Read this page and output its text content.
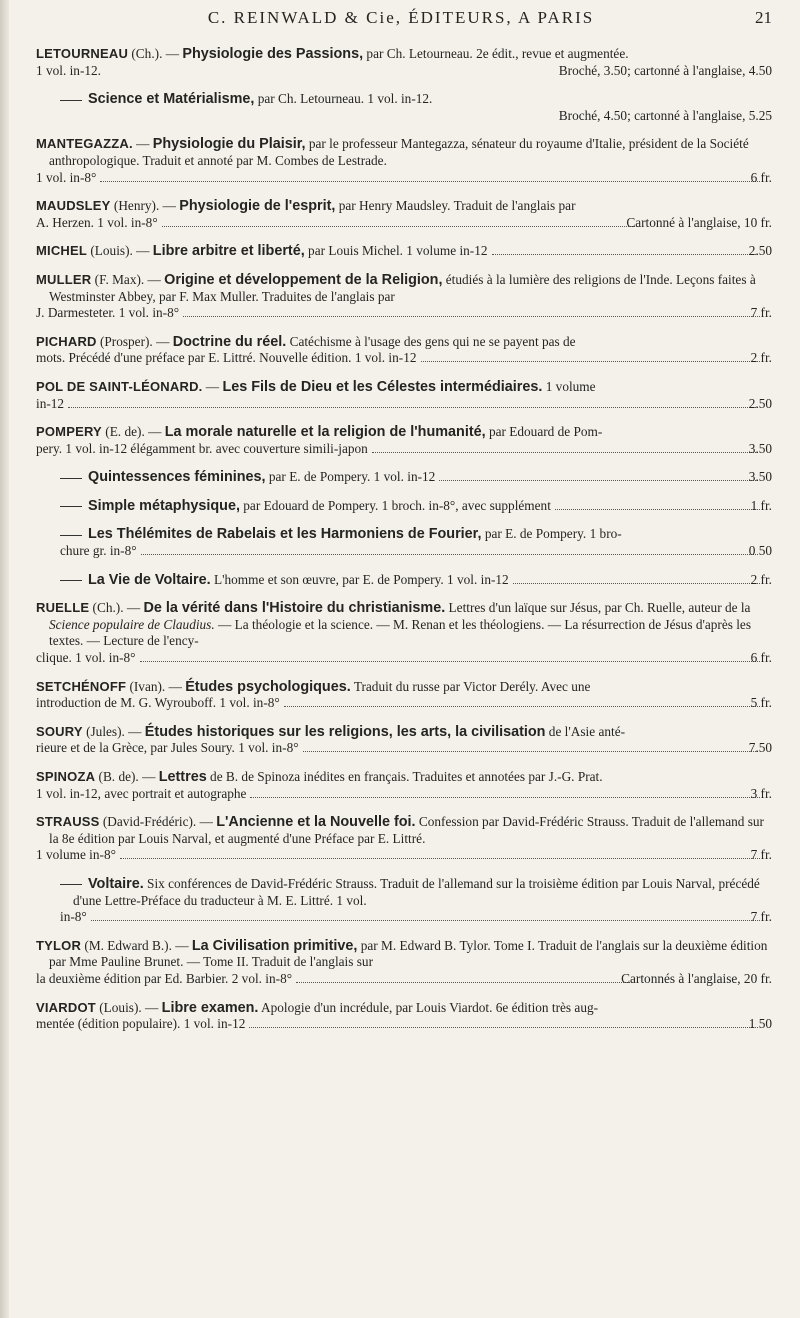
C. REINWALD & Cie, ÉDITEURS, A PARIS	21
LETOURNEAU (Ch.). — Physiologie des Passions, par Ch. Letourneau. 2e édit., revue et augmentée.
1 vol. in-12.	Broché, 3.50; cartonné à l'anglaise, 4.50
Science et Matérialisme, par Ch. Letourneau. 1 vol. in-12.
Broché, 4.50; cartonné à l'anglaise, 5.25
MANTEGAZZA. — Physiologie du Plaisir, par le professeur Mantegazza, sénateur du royaume d'Italie, président de la Société anthropologique. Traduit et annoté par M. Combes de Lestrade.
1 vol. in-8°	6 fr.
MAUDSLEY (Henry). — Physiologie de l'esprit, par Henry Maudsley. Traduit de l'anglais par
A. Herzen. 1 vol. in-8°	Cartonné à l'anglaise, 10 fr.
MICHEL (Louis). — Libre arbitre et liberté, par Louis Michel. 1 volume in-12	2.50
MULLER (F. Max). — Origine et développement de la Religion, étudiés à la lumière des religions de l'Inde. Leçons faites à Westminster Abbey, par F. Max Muller. Traduites de l'anglais par
J. Darmesteter. 1 vol. in-8°	7 fr.
PICHARD (Prosper). — Doctrine du réel. Catéchisme à l'usage des gens qui ne se payent pas de
mots. Précédé d'une préface par E. Littré. Nouvelle édition. 1 vol. in-12	2 fr.
POL DE SAINT-LÉONARD. — Les Fils de Dieu et les Célestes intermédiaires. 1 volume
in-12	2.50
POMPERY (E. de). — La morale naturelle et la religion de l'humanité, par Edouard de Pom-
pery. 1 vol. in-12 élégamment br. avec couverture simili-japon	3.50
Quintessences féminines, par E. de Pompery. 1 vol. in-12	3.50
Simple métaphysique, par Edouard de Pompery. 1 broch. in-8°, avec supplément	1 fr.
Les Thélémites de Rabelais et les Harmoniens de Fourier, par E. de Pompery. 1 bro-
chure gr. in-8°	0 50
La Vie de Voltaire. L'homme et son œuvre, par E. de Pompery. 1 vol. in-12	2 fr.
RUELLE (Ch.). — De la vérité dans l'Histoire du christianisme. Lettres d'un laïque sur Jésus, par Ch. Ruelle, auteur de la Science populaire de Claudius. — La théologie et la science. — M. Renan et les théologiens. — La résurrection de Jésus d'après les textes. — Lecture de l'ency-
clique. 1 vol. in-8°	6 fr.
SETCHÉNOFF (Ivan). — Études psychologiques. Traduit du russe par Victor Derély. Avec une
introduction de M. G. Wyrouboff. 1 vol. in-8°	5 fr.
SOURY (Jules). — Études historiques sur les religions, les arts, la civilisation de l'Asie anté-
rieure et de la Grèce, par Jules Soury. 1 vol. in-8°	7.50
SPINOZA (B. de). — Lettres de B. de Spinoza inédites en français. Traduites et annotées par J.-G. Prat.
1 vol. in-12, avec portrait et autographe	3 fr.
STRAUSS (David-Frédéric). — L'Ancienne et la Nouvelle foi. Confession par David-Frédéric Strauss. Traduit de l'allemand sur la 8e édition par Louis Narval, et augmenté d'une Préface par E. Littré.
1 volume in-8°	7 fr.
Voltaire. Six conférences de David-Frédéric Strauss. Traduit de l'allemand sur la troisième édition par Louis Narval, précédé d'une Lettre-Préface du traducteur à M. E. Littré. 1 vol.
in-8°	7 fr.
TYLOR (M. Edward B.). — La Civilisation primitive, par M. Edward B. Tylor. Tome I. Traduit de l'anglais sur la deuxième édition par Mme Pauline Brunet. — Tome II. Traduit de l'anglais sur
la deuxième édition par Ed. Barbier. 2 vol. in-8°	Cartonnés à l'anglaise, 20 fr.
VIARDOT (Louis). — Libre examen. Apologie d'un incrédule, par Louis Viardot. 6e édition très aug-
mentée (édition populaire). 1 vol. in-12	1 50
